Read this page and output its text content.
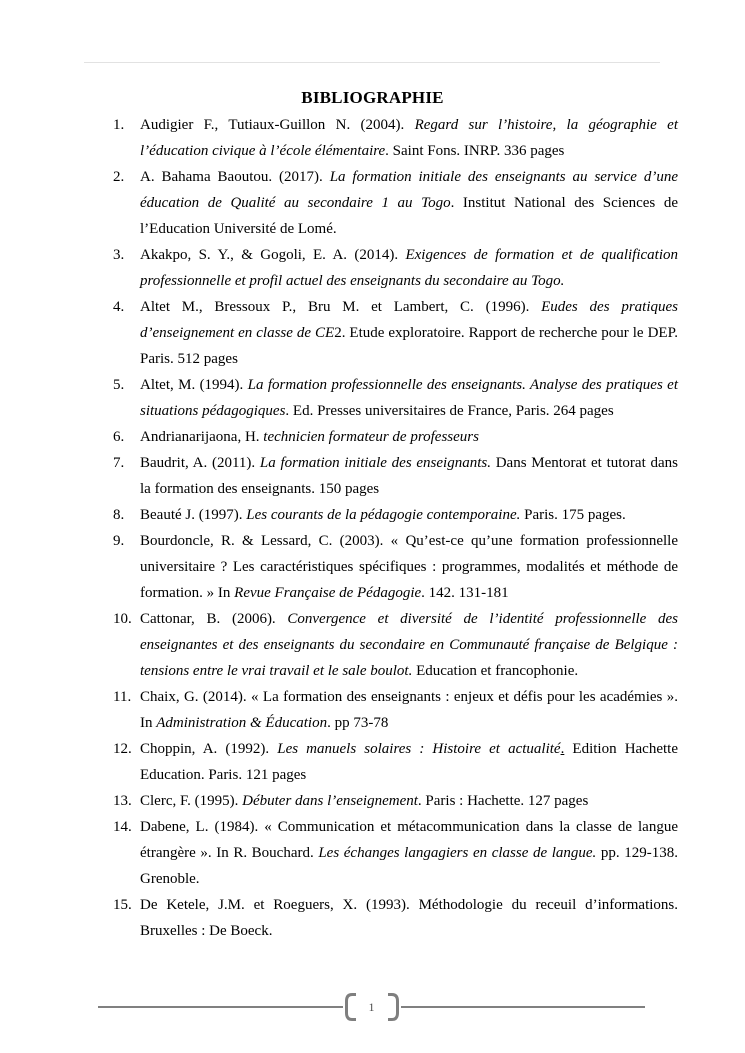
BIBLIOGRAPHIE
1. Audigier F., Tutiaux-Guillon N. (2004). Regard sur l’histoire, la géographie et l’éducation civique à l’école élémentaire. Saint Fons. INRP. 336 pages
2. A. Bahama Baoutou. (2017). La formation initiale des enseignants au service d’une éducation de Qualité au secondaire 1 au Togo. Institut National des Sciences de l’Education Université de Lomé.
3. Akakpo, S. Y., & Gogoli, E. A. (2014). Exigences de formation et de qualification professionnelle et profil actuel des enseignants du secondaire au Togo.
4. Altet M., Bressoux P., Bru M. et Lambert, C. (1996). Eudes des pratiques d’enseignement en classe de CE2. Etude exploratoire. Rapport de recherche pour le DEP. Paris. 512 pages
5. Altet, M. (1994). La formation professionnelle des enseignants. Analyse des pratiques et situations pédagogiques. Ed. Presses universitaires de France, Paris. 264 pages
6. Andrianarijaona, H. technicien formateur de professeurs
7. Baudrit, A. (2011). La formation initiale des enseignants. Dans Mentorat et tutorat dans la formation des enseignants. 150 pages
8. Beauté J. (1997). Les courants de la pédagogie contemporaine. Paris. 175 pages.
9. Bourdoncle, R. & Lessard, C. (2003). « Qu’est-ce qu’une formation professionnelle universitaire ? Les caractéristiques spécifiques : programmes, modalités et méthode de formation. » In Revue Française de Pédagogie. 142. 131-181
10. Cattonar, B. (2006). Convergence et diversité de l’identité professionnelle des enseignantes et des enseignants du secondaire en Communauté française de Belgique : tensions entre le vrai travail et le sale boulot. Education et francophonie.
11. Chaix, G. (2014). « La formation des enseignants : enjeux et défis pour les académies ». In Administration & Éducation. pp 73-78
12. Choppin, A. (1992). Les manuels solaires : Histoire et actualité. Edition Hachette Education. Paris. 121 pages
13. Clerc, F. (1995). Débuter dans l’enseignement. Paris : Hachette. 127 pages
14. Dabene, L. (1984). « Communication et métacommunication dans la classe de langue étrangère ». In R. Bouchard. Les échanges langagiers en classe de langue. pp. 129-138. Grenoble.
15. De Ketele, J.M. et Roeguers, X. (1993). Méthodologie du receuil d’informations. Bruxelles : De Boeck.
1
